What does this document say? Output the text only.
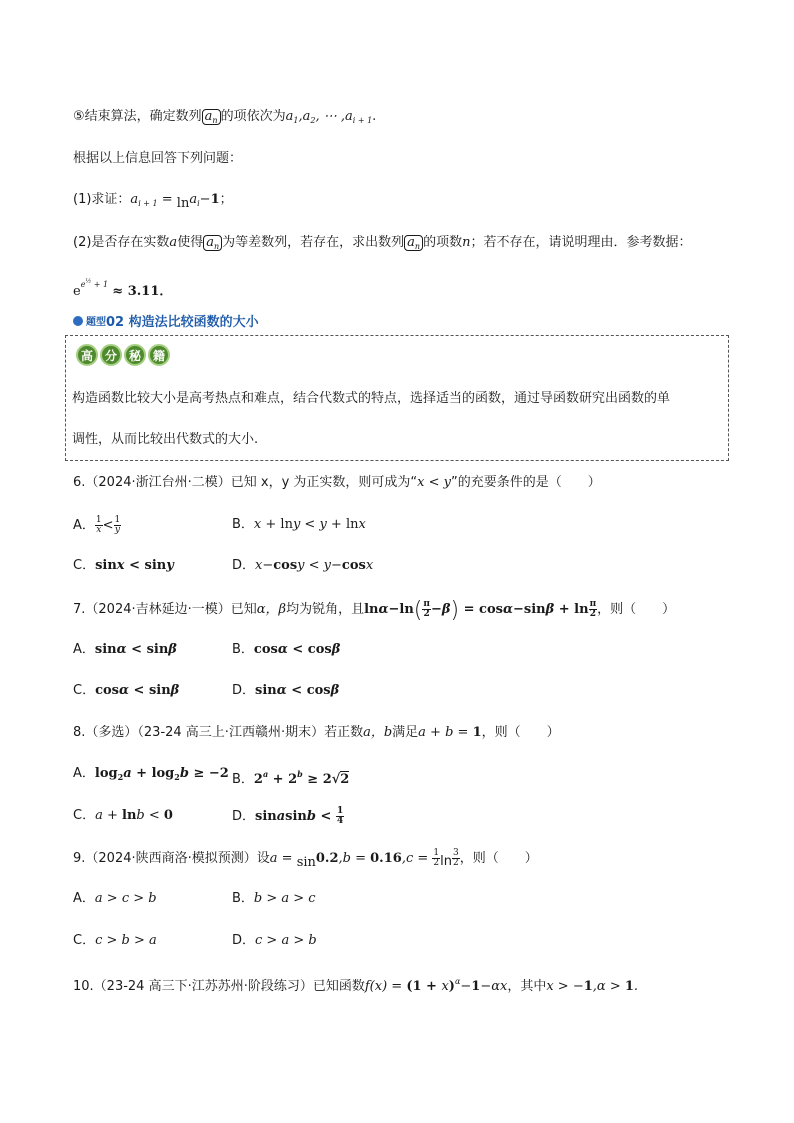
⑤结束算法，确定数列 $a_n$ 的项依次为$a_1,a_2$, ⋯ $,a_{i + 1}$.
根据以上信息回答下列问题：
(1)求证：$a_{i + 1} = \ln a_i-1$；
(2)是否存在实数a使得 $a_n$ 为等差数列，若存在，求出数列 $a_n$ 的项数n；若不存在，请说明理由．参考数据：
$e^{e^{\frac{1}{2}} + 1} \approx 3.11$．
题型 02 构造法比较函数的大小
高 分 秘 籍
构造函数比较大小是高考热点和难点，结合代数式的特点，选择适当的函数，通过导函数研究出函数的单
调性，从而比较出代数式的大小.
6.（2024·浙江台州·二模）已知 x，y 为正实数，则可成为“x < y”的充要条件的是（　　）
A． $\frac{1}{x} < \frac{1}{y}$	B．x + lny < y + lnx
C．sinx < siny	D．x−cosy < y−cosx
7.（2024·吉林延边·一模）已知α，β均为锐角，且$\ln\alpha-\ln( \frac{\pi}{2} -\beta) = \cos\alpha-\sin\beta + \ln \frac{\pi}{2}$ ，则（　　）
A．sinα < sinβ	B．cosα < cosβ
C．cosα < sinβ	D．sinα < cosβ
8.（多选）（23-24 高三上·江西赣州·期末）若正数a，b满足a + b = 1，则（　　）
A．$\log_2a + \log_2b \ge -2$ B．$2^a + 2^b \ge 2√2$
C．a + lnb < 0	D．sinasinb < $\frac{1}{4}$
9.（2024·陕西商洛·模拟预测）设$a = \sin 0.2,b = 0.16,c = \frac{1}{2}$ $\ln \frac{3}{2}$ ，则（　　）
A．a > c > b	B．b > a > c
C．c > b > a	D．c > a > b
10.（23-24 高三下·江苏苏州·阶段练习）已知函数$f(x) = (1 + x)^\alpha-1-\alpha x$，其中x > −1,α > 1.
